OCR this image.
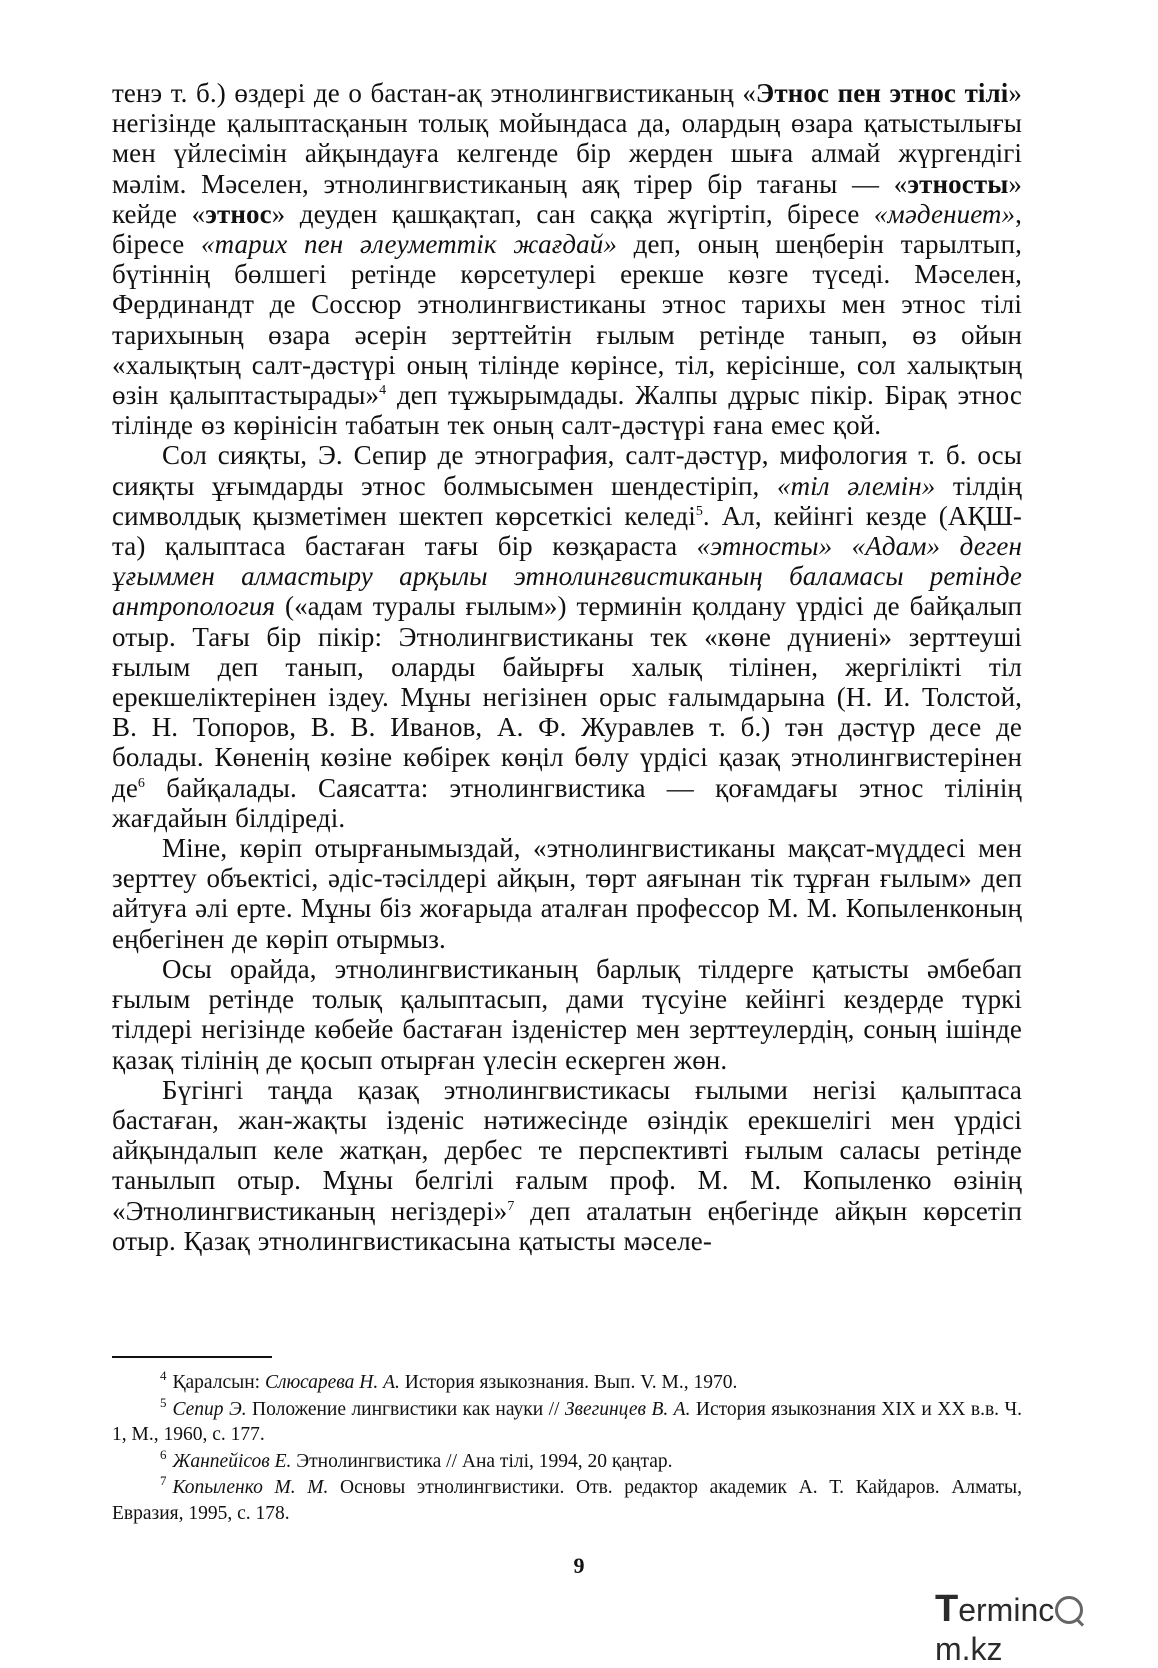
тенэ т. б.) өздері де о бастан-ақ этнолингвистиканың «Этнос пен этнос тілі» негізінде қалыптасқанын толық мойындаса да, олардың өзара қатыстылығы мен үйлесімін айқындауға келгенде бір жерден шыға алмай жүргендігі мәлім. Мәселен, этнолингвистиканың аяқ тірер бір тағаны — «этносты» кейде «этнос» деуден қашқақтап, сан саққа жүгіртіп, біресе «мәдениет», біресе «тарих пен әлеуметтік жағдай» деп, оның шеңберін тарылтып, бүтіннің бөлшегі ретінде көрсетулері ерекше көзге түседі. Мәселен, Фердинандт де Соссюр этнолингвистиканы этнос тарихы мен этнос тілі тарихының өзара әсерін зерттейтін ғылым ретінде танып, өз ойын «халықтың салт-дәстүрі оның тілінде көрінсе, тіл, керісінше, сол халықтың өзін қалыптастырады»$^4$ деп тұжырымдады. Жалпы дұрыс пікір. Бірақ этнос тілінде өз көрінісін табатын тек оның салт-дәстүрі ғана емес қой.

Сол сияқты, Э. Сепир де этнография, салт-дәстүр, мифология т. б. осы сияқты ұғымдарды этнос болмысымен шендестіріп, «тіл әлемін» тілдің символдық қызметімен шектеп көрсеткісі келеді$^5$. Ал, кейінгі кезде (АҚШ-та) қалыптаса бастаған тағы бір көзқараста «этносты» «Адам» деген ұғыммен алмастыру арқылы этнолингвистиканың баламасы ретінде антропология («адам туралы ғылым») терминін қолдану үрдісі де байқалып отыр. Тағы бір пікір: Этнолингвистиканы тек «көне дүниені» зерттеуші ғылым деп танып, оларды байырғы халық тілінен, жергілікті тіл ерекшеліктерінен іздеу. Мұны негізінен орыс ғалымдарына (Н. И. Толстой, В. Н. Топоров, В. В. Иванов, А. Ф. Журавлев т. б.) тән дәстүр десе де болады. Көненің көзіне көбірек көңіл бөлу үрдісі қазақ этнолингвистерінен $де^6$ байқалады. Саясатта: этнолингвистика — қоғамдағы этнос тілінің жағдайын білдіреді.

Міне, көріп отырғанымыздай, «этнолингвистиканы мақсат-мүддесі мен зерттеу объектісі, әдіс-тәсілдері айқын, төрт аяғынан тік тұрған ғылым» деп айтуға әлі ерте. Мұны біз жоғарыда аталған профессор М. М. Копыленконың еңбегінен де көріп отырмыз.

Осы орайда, этнолингвистиканың барлық тілдерге қатысты әмбебап ғылым ретінде толық қалыптасып, дами түсуіне кейінгі кездерде түркі тілдері негізінде көбейе бастаған ізденістер мен зерттеулердің, соның ішінде қазақ тілінің де қосып отырған үлесін ескерген жөн.

Бүгінгі таңда қазақ этнолингвистикасы ғылыми негізі қалыптаса бастаған, жан-жақты ізденіс нәтижесінде өзіндік ерекшелігі мен үрдісі айқындалып келе жатқан, дербес те перспективті ғылым саласы ретінде танылып отыр. Мұны белгілі ғалым проф. М. М. Копыленко өзінің «Этнолингвистиканың негіздері»$^7$ деп аталатын еңбегінде айқын көрсетіп отыр. Қазақ этнолингвистикасына қатысты мәселе-

$^4$ Қаралсын: Слюсарева Н. А. История языкознания. Вып. V. М., 1970.

$^5$ Сепир Э. Положение лингвистики как науки // Звегинцев В. А. История языкознания XIX и XX в.в. Ч. 1, М., 1960, с. 177.

$^6$ Жанпейісов Е. Этнолингвистика // Ана тілі, 1994, 20 қаңтар.

$^7$ Копыленко М. М. Основы этнолингвистики. Отв. редактор академик А. Т. Кайдаров. Алматы, Евразия, 1995, с. 178.

9
Termincm.kz
